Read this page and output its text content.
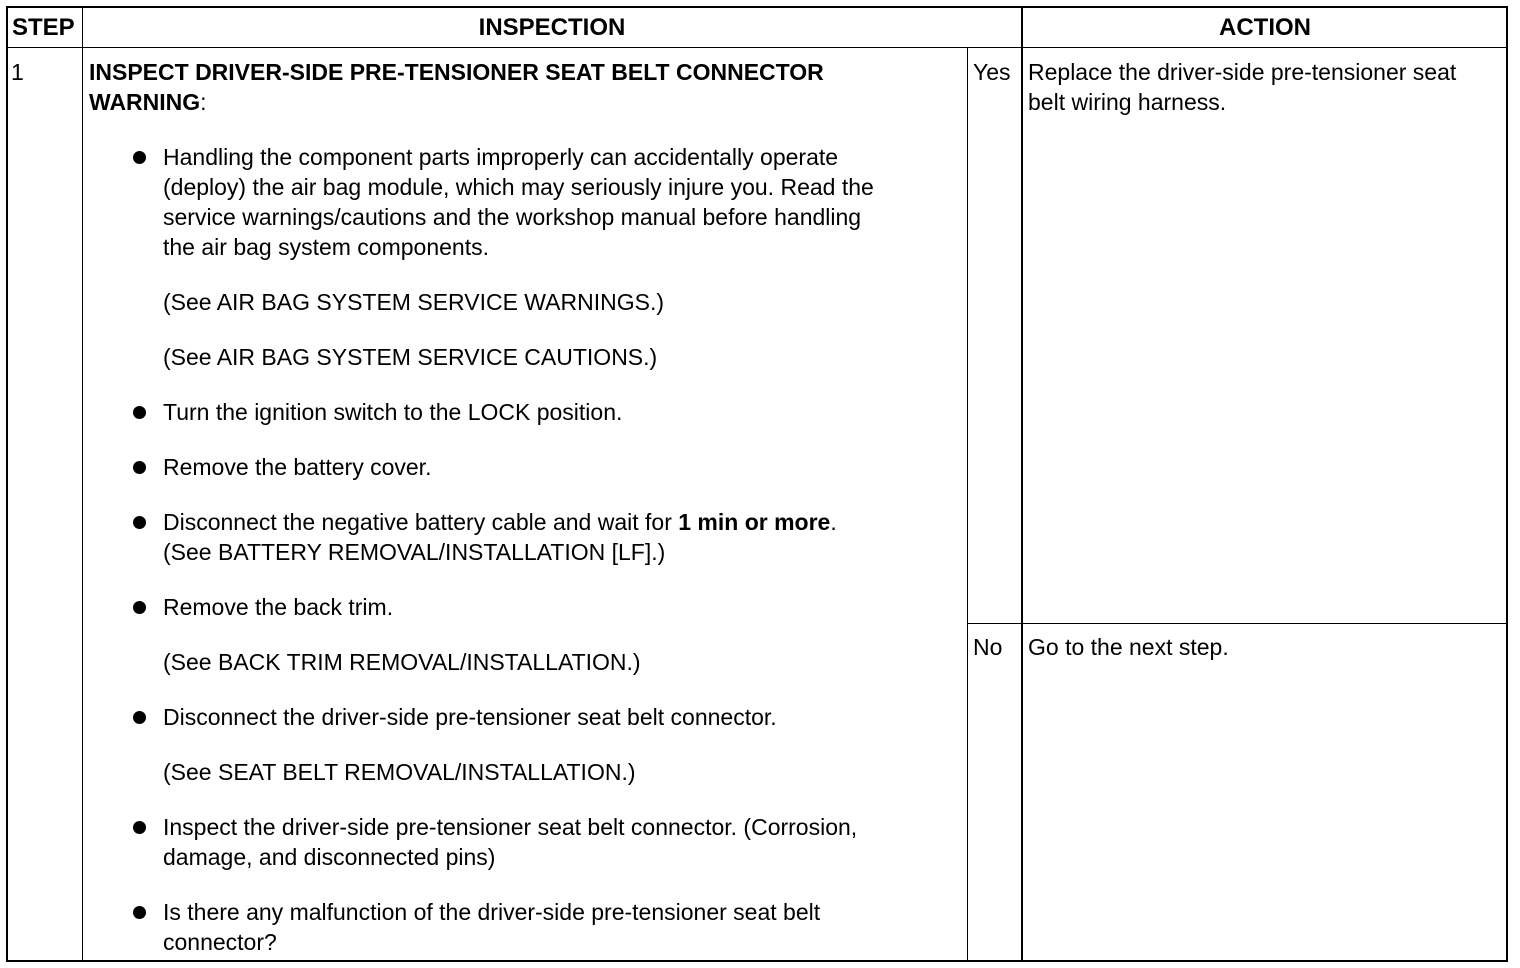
STEP	INSPECTION	ACTION
1	INSPECT DRIVER-SIDE PRE-TENSIONER SEAT BELT CONNECTOR
WARNING:
Handling the component parts improperly can accidentally operate
(deploy) the air bag module, which may seriously injure you. Read the
service warnings/cautions and the workshop manual before handling
the air bag system components.
(See AIR BAG SYSTEM SERVICE WARNINGS.)
(See AIR BAG SYSTEM SERVICE CAUTIONS.)
Turn the ignition switch to the LOCK position.
Remove the battery cover.
Disconnect the negative battery cable and wait for 1 min or more.
(See BATTERY REMOVAL/INSTALLATION [LF].)
Remove the back trim.
(See BACK TRIM REMOVAL/INSTALLATION.)
Disconnect the driver-side pre-tensioner seat belt connector.
(See SEAT BELT REMOVAL/INSTALLATION.)
Inspect the driver-side pre-tensioner seat belt connector. (Corrosion,
damage, and disconnected pins)
Is there any malfunction of the driver-side pre-tensioner seat belt
connector?
Yes Replace the driver-side pre-tensioner seat
belt wiring harness.
No Go to the next step.
